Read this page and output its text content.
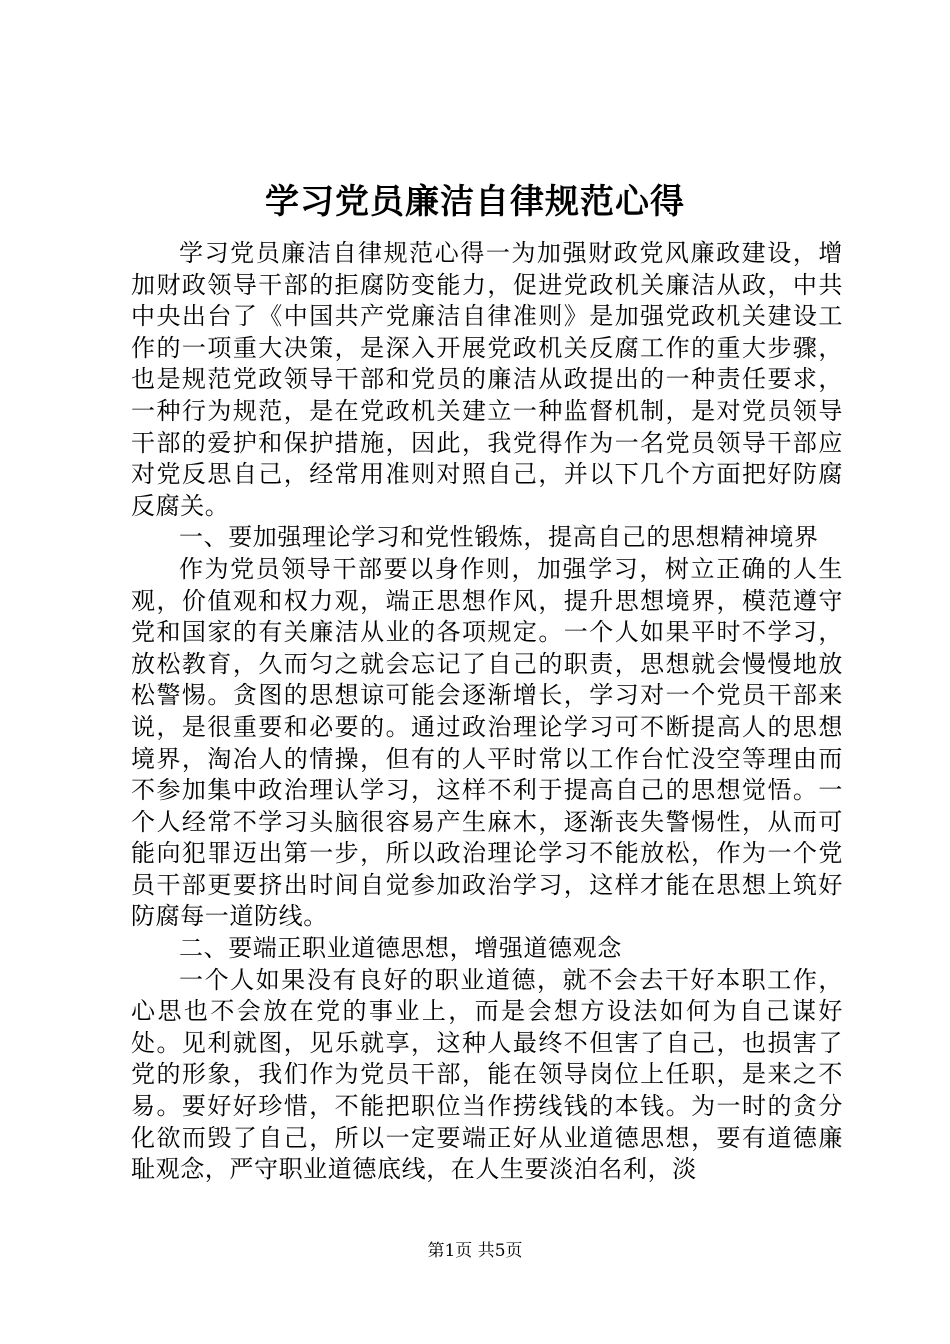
学习党员廉洁自律规范心得

学习党员廉洁自律规范心得一为加强财政党风廉政建设，增加财政领导干部的拒腐防变能力，促进党政机关廉洁从政，中共中央出台了《中国共产党廉洁自律准则》是加强党政机关建设工作的一项重大决策，是深入开展党政机关反腐工作的重大步骤，也是规范党政领导干部和党员的廉洁从政提出的一种责任要求，一种行为规范，是在党政机关建立一种监督机制，是对党员领导干部的爱护和保护措施，因此，我党得作为一名党员领导干部应对党反思自己，经常用准则对照自己，并以下几个方面把好防腐反腐关。

一、要加强理论学习和党性锻炼，提高自己的思想精神境界

作为党员领导干部要以身作则，加强学习，树立正确的人生观，价值观和权力观，端正思想作风，提升思想境界，模范遵守党和国家的有关廉洁从业的各项规定。一个人如果平时不学习，放松教育，久而匀之就会忘记了自己的职责，思想就会慢慢地放松警惕。贪图的思想谅可能会逐渐增长，学习对一个党员干部来说，是很重要和必要的。通过政治理论学习可不断提高人的思想境界，淘冶人的情操，但有的人平时常以工作台忙没空等理由而不参加集中政治理认学习，这样不利于提高自己的思想觉悟。一个人经常不学习头脑很容易产生麻木，逐渐丧失警惕性，从而可能向犯罪迈出第一步，所以政治理论学习不能放松，作为一个党员干部更要挤出时间自觉参加政治学习，这样才能在思想上筑好防腐每一道防线。

二、要端正职业道德思想，增强道德观念

一个人如果没有良好的职业道德，就不会去干好本职工作，心思也不会放在党的事业上，而是会想方设法如何为自己谋好处。见利就图，见乐就享，这种人最终不但害了自己，也损害了党的形象，我们作为党员干部，能在领导岗位上任职，是来之不易。要好好珍惜，不能把职位当作捞线钱的本钱。为一时的贪分化欲而毁了自己，所以一定要端正好从业道德思想，要有道德廉耻观念，严守职业道德底线，在人生要淡泊名利，淡

第1页 共5页
